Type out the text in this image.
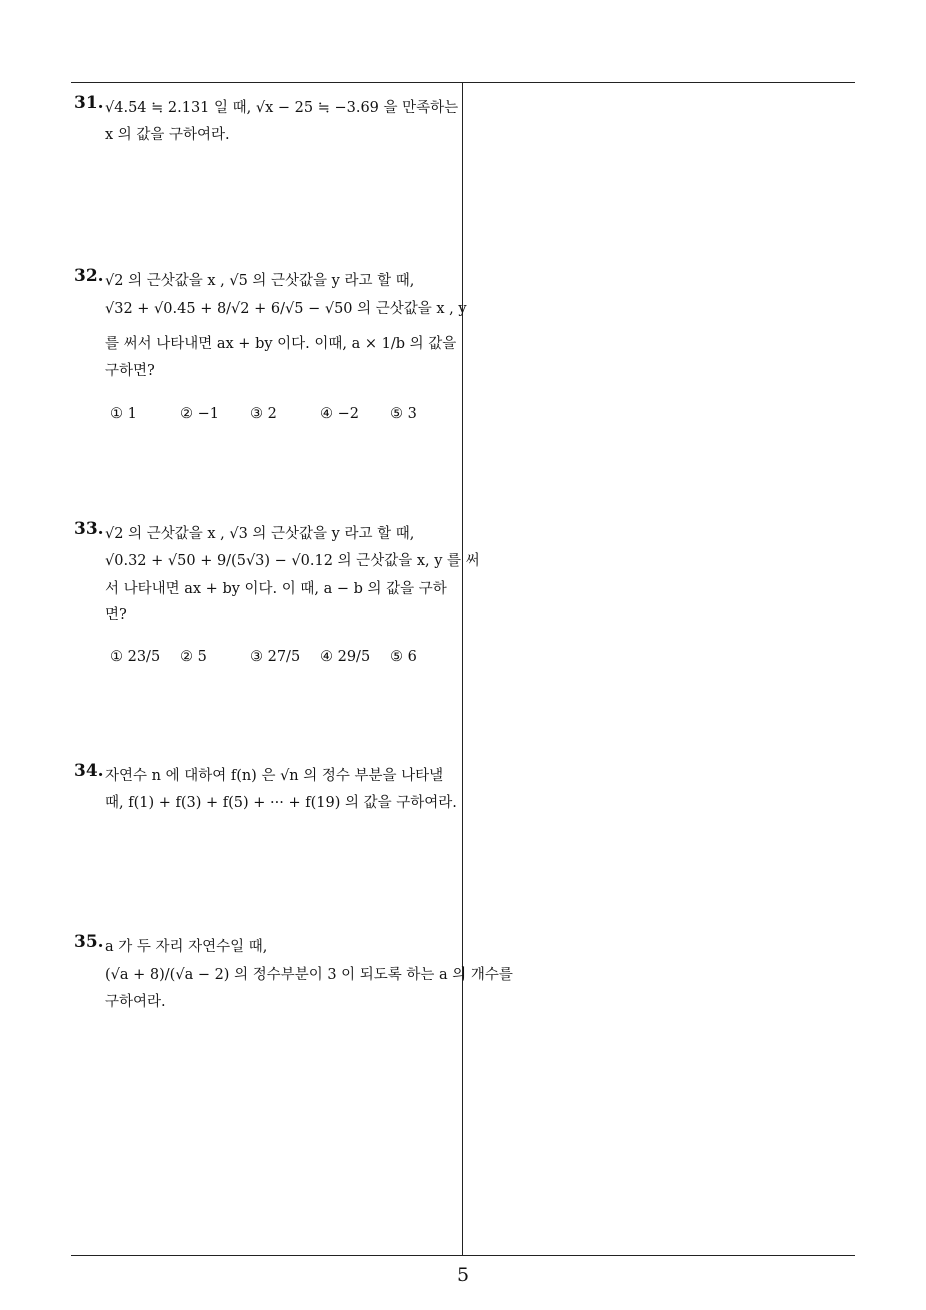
5
31. √4.54 ≒ 2.131 일 때, √x − 25 ≒ −3.69 을 만족하는
x 의 값을 구하여라.
32. √2 의 근삿값을 x , √5 의 근삿값을 y 라고 할 때,
√32 + √0.45 + 8/√2 + 6/√5 − √50 의 근삿값을 x , y
를 써서 나타내면 ax + by 이다. 이때, a × 1/b 의 값을
구하면?
① 1	② −1 ③ 2	④ −2 ⑤ 3
33. √2 의 근삿값을 x , √3 의 근삿값을 y 라고 할 때,
√0.32 + √50 + 9/(5√3) − √0.12 의 근삿값을 x, y 를 써
서 나타내면 ax + by 이다. 이 때, a − b 의 값을 구하
면?
① 23/5 ② 5	③ 27/5 ④ 29/5 ⑤ 6
34. 자연수 n 에 대하여 f(n) 은 √n 의 정수 부분을 나타낼
때, f(1) + f(3) + f(5) + ··· + f(19) 의 값을 구하여라.
35. a 가 두 자리 자연수일 때,
(√a + 8)/(√a − 2) 의 정수부분이 3 이 되도록 하는 a 의 개수를
구하여라.
